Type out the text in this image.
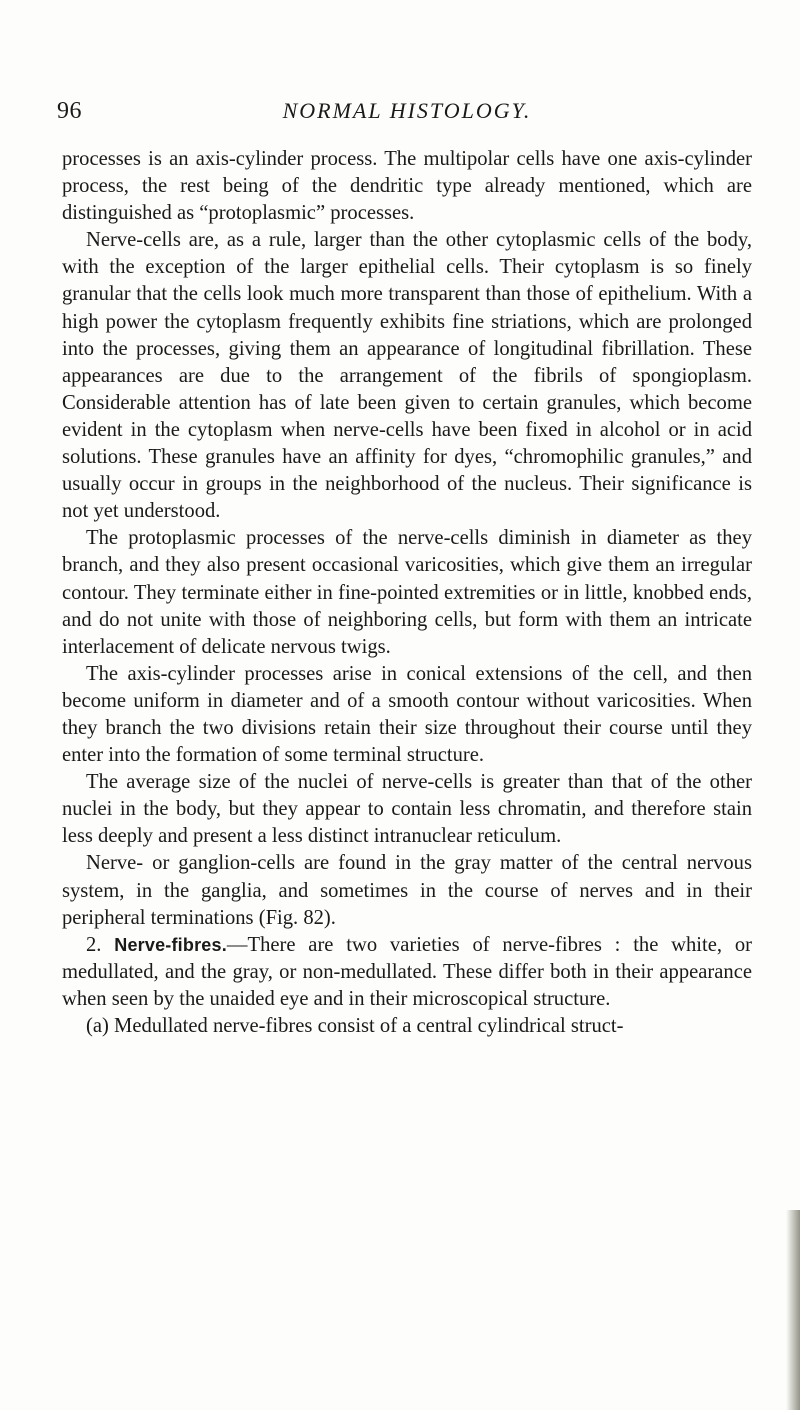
96	NORMAL HISTOLOGY.

processes is an axis-cylinder process. The multipolar cells have one axis-cylinder process, the rest being of the dendritic type already mentioned, which are distinguished as “protoplasmic” processes.

Nerve-cells are, as a rule, larger than the other cytoplasmic cells of the body, with the exception of the larger epithelial cells. Their cytoplasm is so finely granular that the cells look much more transparent than those of epithelium. With a high power the cytoplasm frequently exhibits fine striations, which are prolonged into the processes, giving them an appearance of longitudinal fibrillation. These appearances are due to the arrangement of the fibrils of spongioplasm. Considerable attention has of late been given to certain granules, which become evident in the cytoplasm when nerve-cells have been fixed in alcohol or in acid solutions. These granules have an affinity for dyes, “chromophilic granules,” and usually occur in groups in the neighborhood of the nucleus. Their significance is not yet understood.

The protoplasmic processes of the nerve-cells diminish in diameter as they branch, and they also present occasional varicosities, which give them an irregular contour. They terminate either in fine-pointed extremities or in little, knobbed ends, and do not unite with those of neighboring cells, but form with them an intricate interlacement of delicate nervous twigs.

The axis-cylinder processes arise in conical extensions of the cell, and then become uniform in diameter and of a smooth contour without varicosities. When they branch the two divisions retain their size throughout their course until they enter into the formation of some terminal structure.

The average size of the nuclei of nerve-cells is greater than that of the other nuclei in the body, but they appear to contain less chromatin, and therefore stain less deeply and present a less distinct intranuclear reticulum.

Nerve- or ganglion-cells are found in the gray matter of the central nervous system, in the ganglia, and sometimes in the course of nerves and in their peripheral terminations (Fig. 82).

2. Nerve-fibres.—There are two varieties of nerve-fibres : the white, or medullated, and the gray, or non-medullated. These differ both in their appearance when seen by the unaided eye and in their microscopical structure.

(a) Medullated nerve-fibres consist of a central cylindrical struct-
